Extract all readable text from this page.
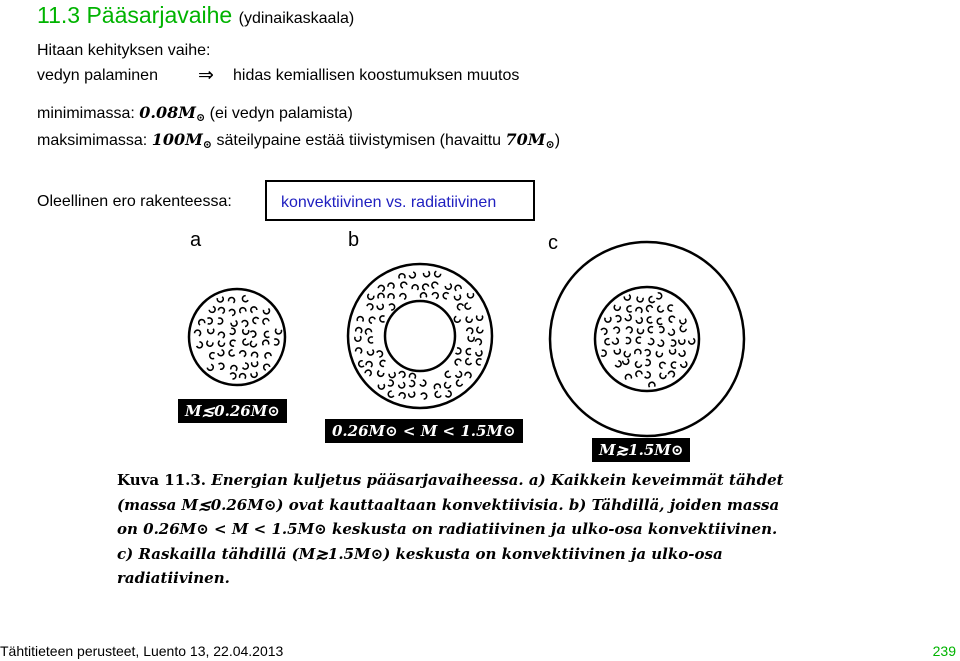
11.3 Pääsarjavaihe (ydinaikaskaala)
Hitaan kehityksen vaihe:
vedyn palaminen ⇒ hidas kemiallisen koostumuksen muutos
minimimassa: 0.08M⊙ (ei vedyn palamista)
maksimimassa: 100M⊙ säteilypaine estää tiivistymisen (havaittu 70M⊙)
Oleellinen ero rakenteessa:	konvektiivinen vs. radiatiivinen
a	b	c
M≲0.26M⊙
0.26M⊙ < M < 1.5M⊙
M≳1.5M⊙
Kuva 11.3. Energian kuljetus pääsarjavaiheessa. a) Kaikkein keveimmät tähdet (massa M≲0.26M⊙) ovat kauttaaltaan konvektiivisia. b) Tähdillä, joiden massa on 0.26M⊙ < M < 1.5M⊙ keskusta on radiatiivinen ja ulko-osa konvektiivinen. c) Raskailla tähdillä (M≳1.5M⊙) keskusta on konvektiivinen ja ulko-osa radiatiivinen.
Tähtitieteen perusteet, Luento 13, 22.04.2013	239
